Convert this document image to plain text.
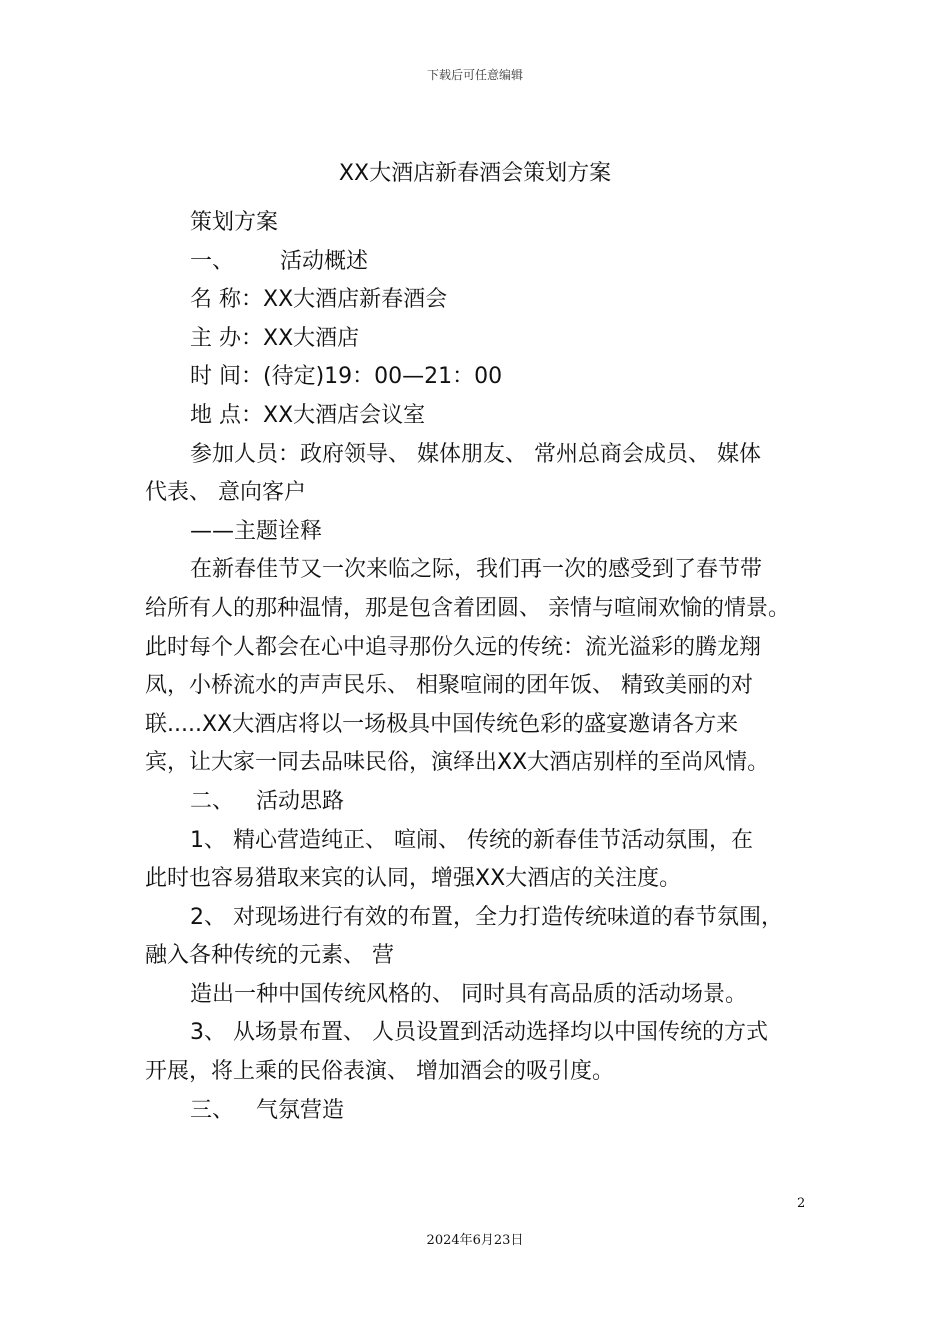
下载后可任意编辑
XX大酒店新春酒会策划方案
策划方案
一、 活动概述
名 称：XX大酒店新春酒会
主 办：XX大酒店
时 间：(待定)19：00—21：00
地 点：XX大酒店会议室
参加人员：政府领导、 媒体朋友、 常州总商会成员、 媒体
代表、 意向客户
——主题诠释
在新春佳节又一次来临之际，我们再一次的感受到了春节带
给所有人的那种温情，那是包含着团圆、 亲情与喧闹欢愉的情景。
此时每个人都会在心中追寻那份久远的传统：流光溢彩的腾龙翔
凤，小桥流水的声声民乐、 相聚喧闹的团年饭、 精致美丽的对
联.....XX大酒店将以一场极具中国传统色彩的盛宴邀请各方来
宾，让大家一同去品味民俗，演绎出XX大酒店别样的至尚风情。
二、 活动思路
1、 精心营造纯正、 喧闹、 传统的新春佳节活动氛围，在
此时也容易猎取来宾的认同，增强XX大酒店的关注度。
2、 对现场进行有效的布置，全力打造传统味道的春节氛围，
融入各种传统的元素、 营
造出一种中国传统风格的、 同时具有高品质的活动场景。
3、 从场景布置、 人员设置到活动选择均以中国传统的方式
开展，将上乘的民俗表演、 增加酒会的吸引度。
三、 气氛营造
2
2024年6月23日
